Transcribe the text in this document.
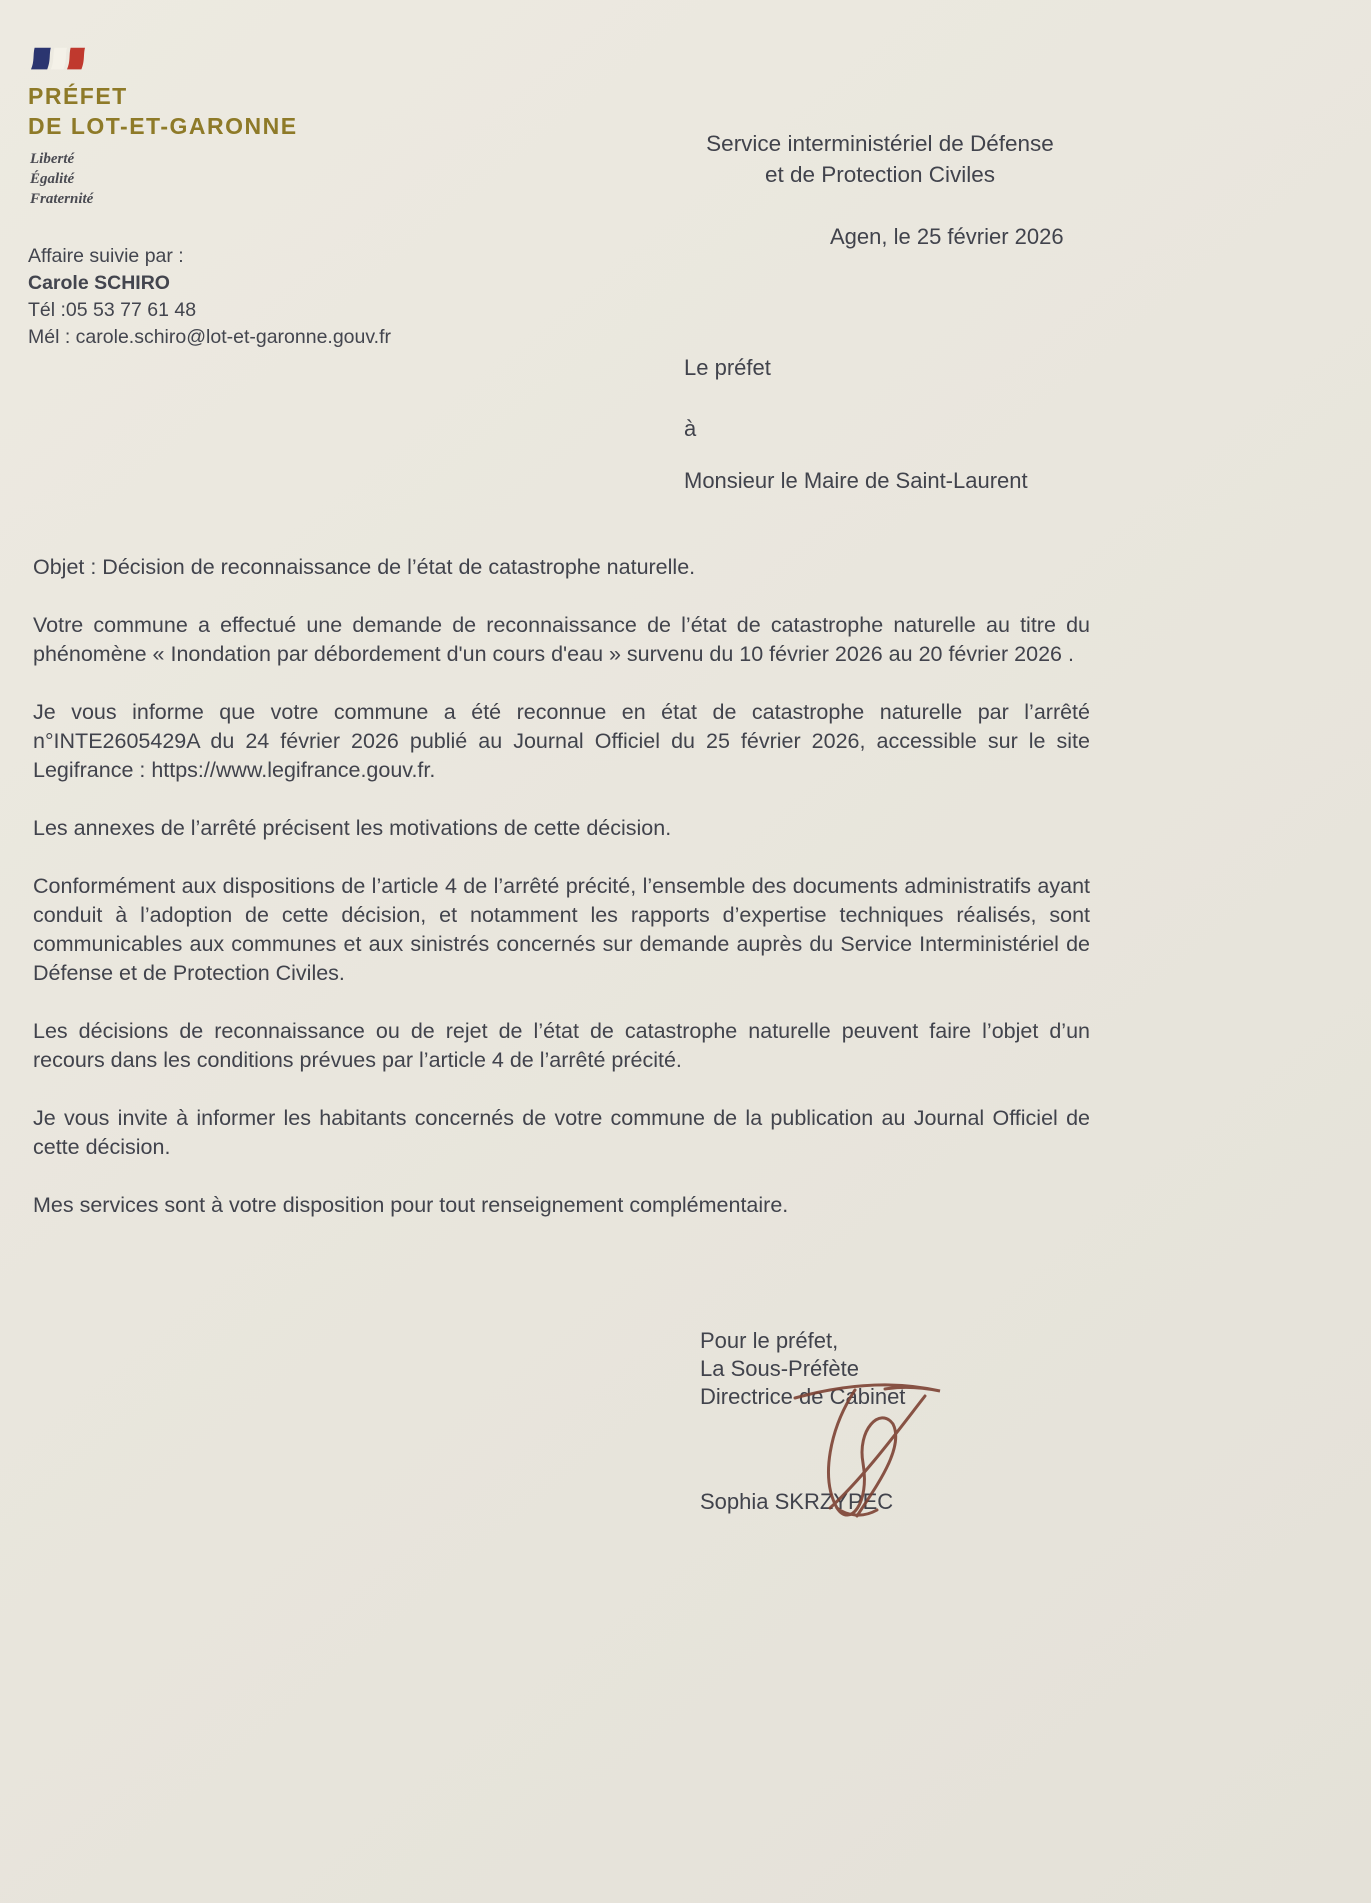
PRÉFET
DE LOT-ET-GARONNE
Liberté
Égalité
Fraternité
Affaire suivie par :
Carole SCHIRO
Tél :05 53 77 61 48
Mél : carole.schiro@lot-et-garonne.gouv.fr
Service interministériel de Défense
et de Protection Civiles
Agen, le 25 février 2026
Le préfet
à
Monsieur le Maire de Saint-Laurent
Objet : Décision de reconnaissance de l’état de catastrophe naturelle.

Votre commune a effectué une demande de reconnaissance de l’état de catastrophe naturelle au titre du phénomène « Inondation par débordement d'un cours d'eau » survenu du 10 février 2026 au 20 février 2026 .

Je vous informe que votre commune a été reconnue en état de catastrophe naturelle par l’arrêté n°INTE2605429A du 24 février 2026 publié au Journal Officiel du 25 février 2026, accessible sur le site Legifrance : https://www.legifrance.gouv.fr.

Les annexes de l’arrêté précisent les motivations de cette décision.

Conformément aux dispositions de l’article 4 de l’arrêté précité, l’ensemble des documents administratifs ayant conduit à l’adoption de cette décision, et notamment les rapports d’expertise techniques réalisés, sont communicables aux communes et aux sinistrés concernés sur demande auprès du Service Interministériel de Défense et de Protection Civiles.

Les décisions de reconnaissance ou de rejet de l’état de catastrophe naturelle peuvent faire l’objet d’un recours dans les conditions prévues par l’article 4 de l’arrêté précité.

Je vous invite à informer les habitants concernés de votre commune de la publication au Journal Officiel de cette décision.

Mes services sont à votre disposition pour tout renseignement complémentaire.

Pour le préfet,
La Sous-Préfète
Directrice de Cabinet
Sophia SKRZYPEC
